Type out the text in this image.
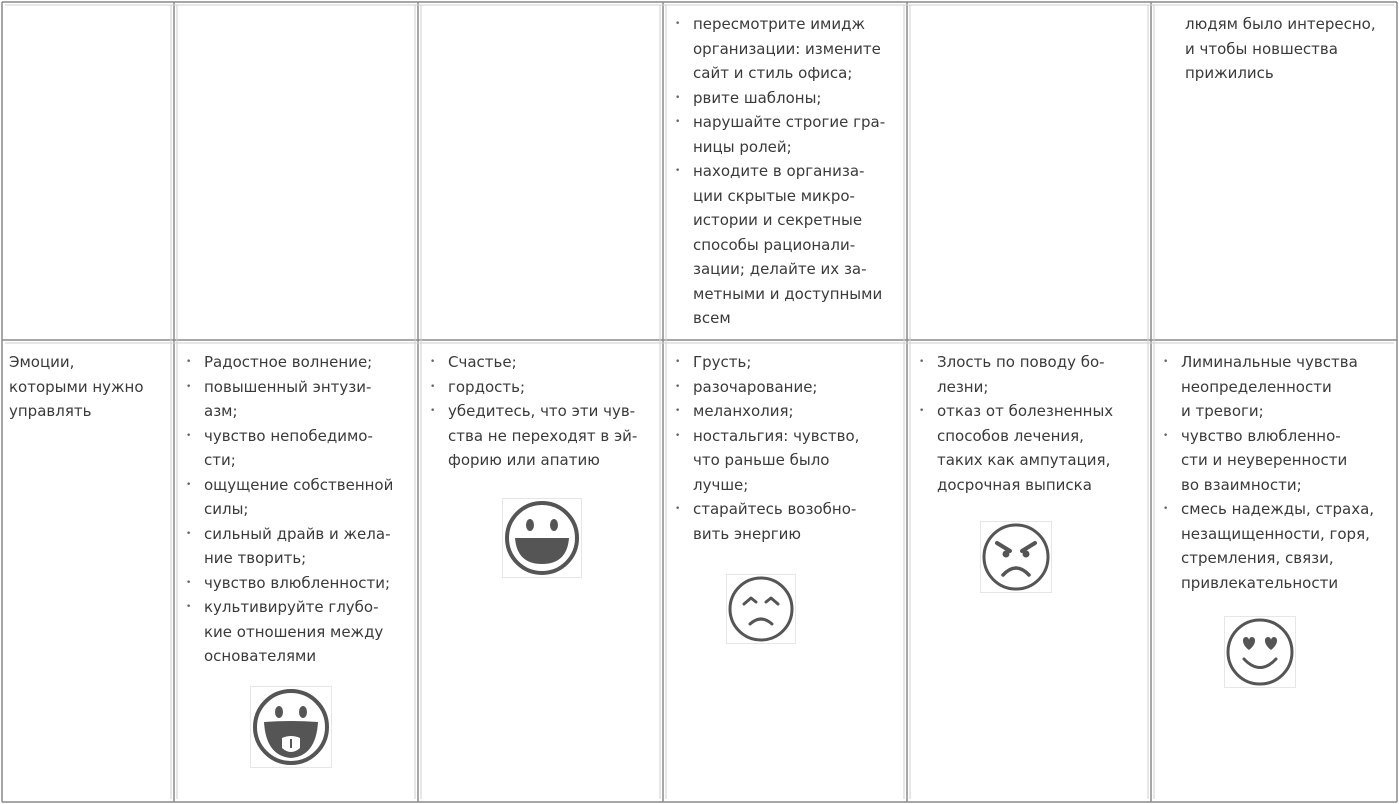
• пересмотрите имидж
организации: измените
сайт и стиль офиса;
• рвите шаблоны;
• нарушайте строгие гра-
ницы ролей;
• находите в организа-
ции скрытые микро-
истории и секретные
способы рационали-
зации; делайте их за-
метными и доступными
всем
людям было интересно,
и чтобы новшества
прижились
Эмоции,
которыми нужно
управлять
• Радостное волнение;
• повышенный энтузи-
азм;
• чувство непобедимо-
сти;
• ощущение собственной
силы;
• сильный драйв и жела-
ние творить;
• чувство влюбленности;
• культивируйте глубо-
кие отношения между
основателями
• Счастье;
• гордость;
• убедитесь, что эти чув-
ства не переходят в эй-
форию или апатию
• Грусть;
• разочарование;
• меланхолия;
• ностальгия: чувство,
что раньше было
лучше;
• старайтесь возобно-
вить энергию
• Злость по поводу бо-
лезни;
• отказ от болезненных
способов лечения,
таких как ампутация,
досрочная выписка
• Лиминальные чувства
неопределенности
и тревоги;
• чувство влюбленно-
сти и неуверенности
во взаимности;
• смесь надежды, страха,
незащищенности, горя,
стремления, связи,
привлекательности
